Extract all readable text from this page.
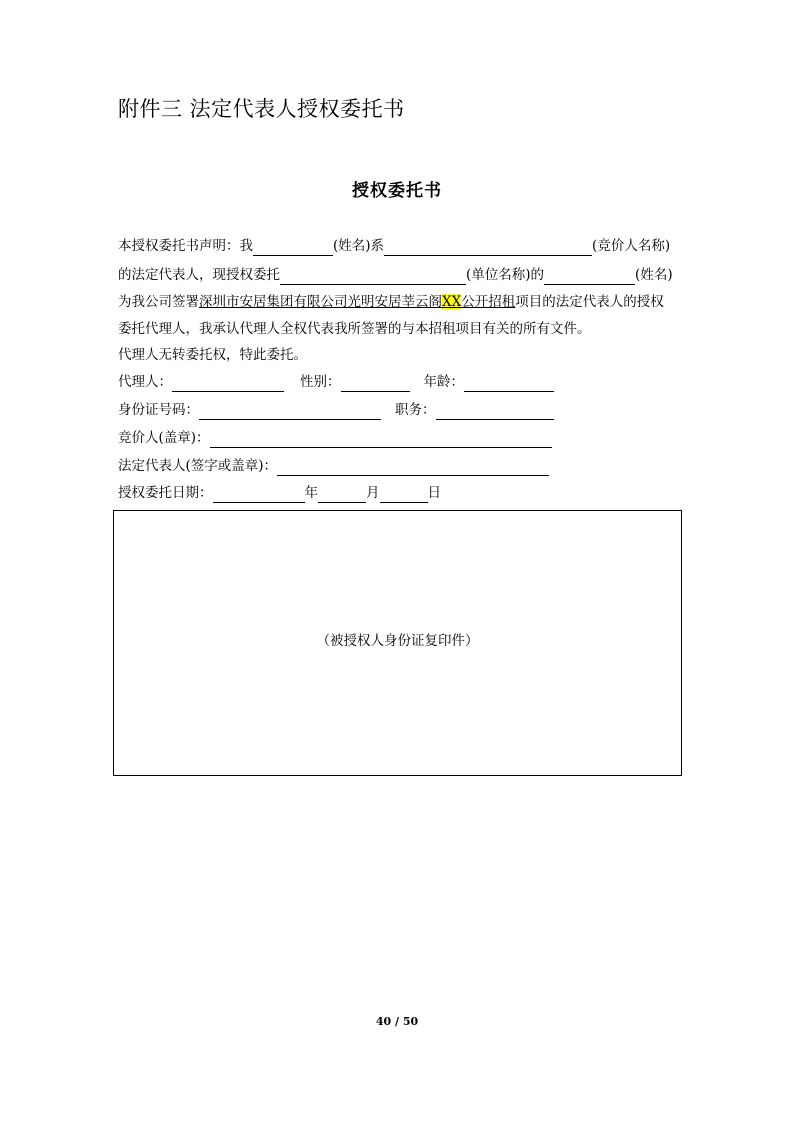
附件三 法定代表人授权委托书
授权委托书
本授权委托书声明：我	(姓名)系	(竞价人名称)
的法定代表人，现授权委托	(单位名称)的	(姓名)
为我公司签署深圳市安居集团有限公司光明安居莘云阁XX公开招租项目的法定代表人的授权
委托代理人，我承认代理人全权代表我所签署的与本招租项目有关的所有文件。
代理人无转委托权，特此委托。
代理人：	性别：	年龄：
身份证号码：	职务：
竞价人(盖章)：
法定代表人(签字或盖章)：
授权委托日期：	年	月	日
（被授权人身份证复印件）
40 / 50
